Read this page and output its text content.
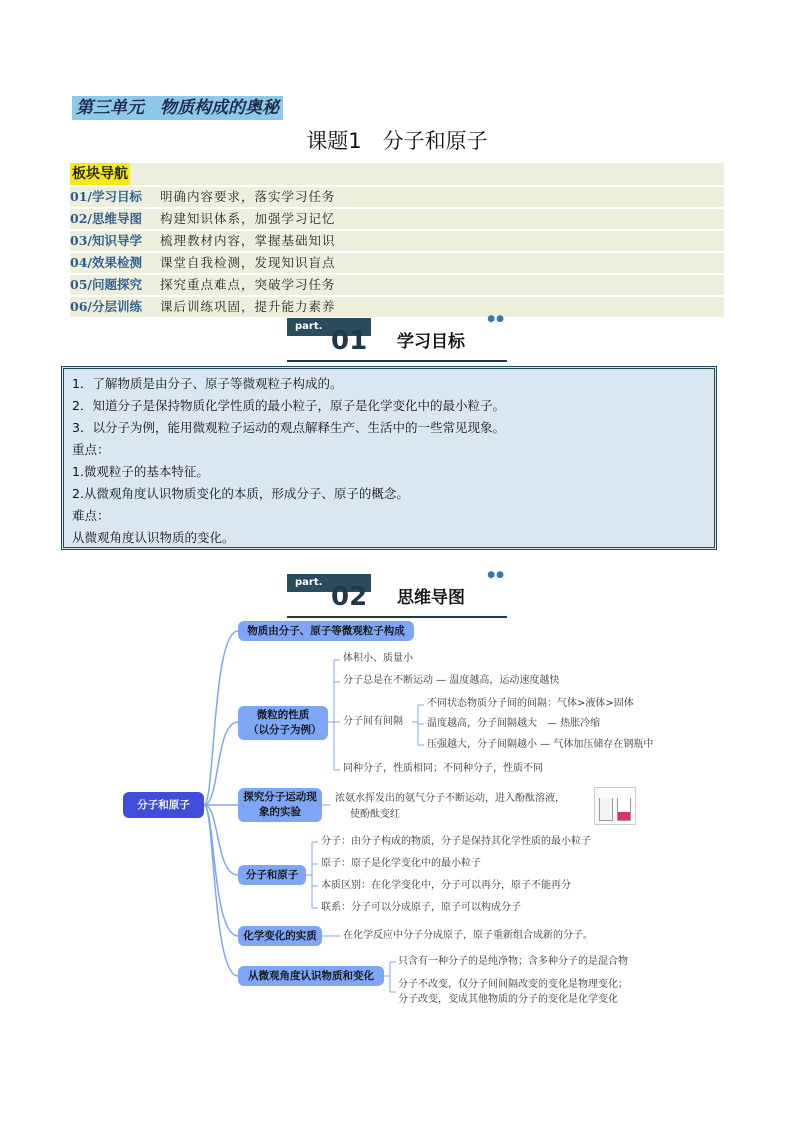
第三单元 物质构成的奥秘
课题1　分子和原子
板块导航
01/学习目标 明确内容要求，落实学习任务
02/思维导图 构建知识体系，加强学习记忆
03/知识导学 梳理教材内容，掌握基础知识
04/效果检测 课堂自我检测，发现知识盲点
05/问题探究 探究重点难点，突破学习任务
06/分层训练 课后训练巩固，提升能力素养
part. 01 学习目标
●●
1．了解物质是由分子、原子等微观粒子构成的。
2．知道分子是保持物质化学性质的最小粒子，原子是化学变化中的最小粒子。
3．以分子为例，能用微观粒子运动的观点解释生产、生活中的一些常见现象。
重点：
1.微观粒子的基本特征。
2.从微观角度认识物质变化的本质，形成分子、原子的概念。
难点：
从微观角度认识物质的变化。
part. 02 思维导图
●●
分子和原子
物质由分子、原子等微观粒子构成
微粒的性质（以分子为例）
体积小、质量小
分子总是在不断运动 — 温度越高，运动速度越快
分子间有间隔
不同状态物质分子间的间隔：气体>液体>固体
温度越高，分子间隔越大　— 热胀冷缩
压强越大，分子间隔越小 — 气体加压储存在钢瓶中
同种分子，性质相同；不同种分子，性质不同
探究分子运动现象的实验
浓氨水挥发出的氨气分子不断运动，进入酚酞溶液，
使酚酞变红
分子和原子
分子：由分子构成的物质，分子是保持其化学性质的最小粒子
原子：原子是化学变化中的最小粒子
本质区别：在化学变化中，分子可以再分，原子不能再分
联系：分子可以分成原子，原子可以构成分子
化学变化的实质	在化学反应中分子分成原子，原子重新组合成新的分子。
从微观角度认识物质和变化
只含有一种分子的是纯净物；含多种分子的是混合物
分子不改变，仅分子间间隔改变的变化是物理变化；
分子改变，变成其他物质的分子的变化是化学变化
